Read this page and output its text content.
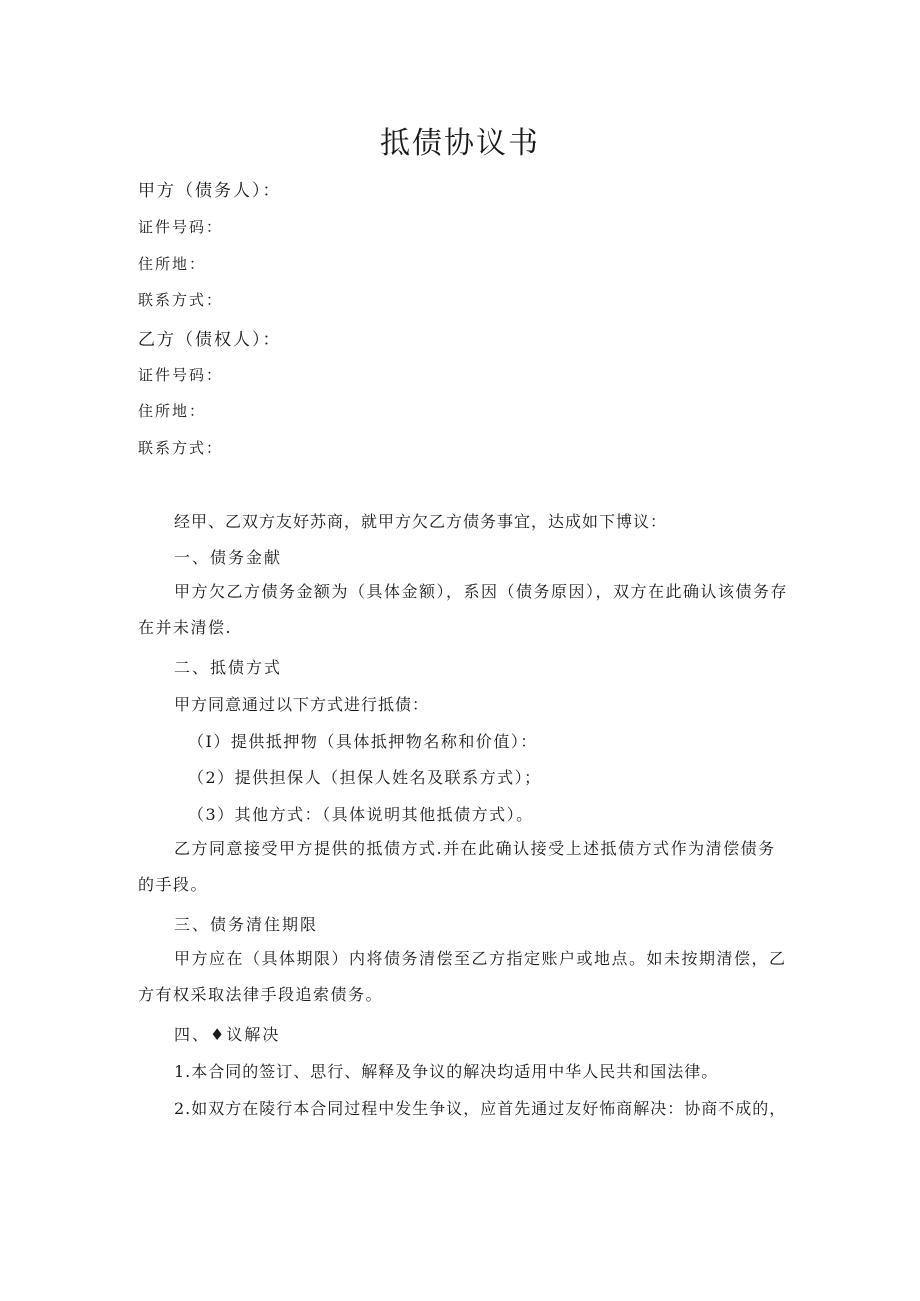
抵债协议书

甲方（债务人）：

证件号码：

住所地：

联系方式：

乙方（债权人）：

证件号码：

住所地：

联系方式：

经甲、乙双方友好苏商，就甲方欠乙方债务事宜，达成如下博议：

一、债务金献

甲方欠乙方债务金额为（具体金额），系因（债务原因），双方在此确认该债务存在并未清偿.

二、抵债方式

甲方同意通过以下方式进行抵债：

（I）提供抵押物（具体抵押物名称和价值）：

（2）提供担保人（担保人姓名及联系方式）；

（3）其他方式：（具体说明其他抵债方式）。

乙方同意接受甲方提供的抵债方式.并在此确认接受上述抵债方式作为清偿债务的手段。

三、债务清住期限

甲方应在（具体期限）内将债务清偿至乙方指定账户或地点。如未按期清偿，乙方有权采取法律手段追索债务。

四、♦议解决

1.本合同的签订、思行、解释及争议的解决均适用中华人民共和国法律。

2.如双方在陵行本合同过程中发生争议，应首先通过友好怖商解决：协商不成的，
